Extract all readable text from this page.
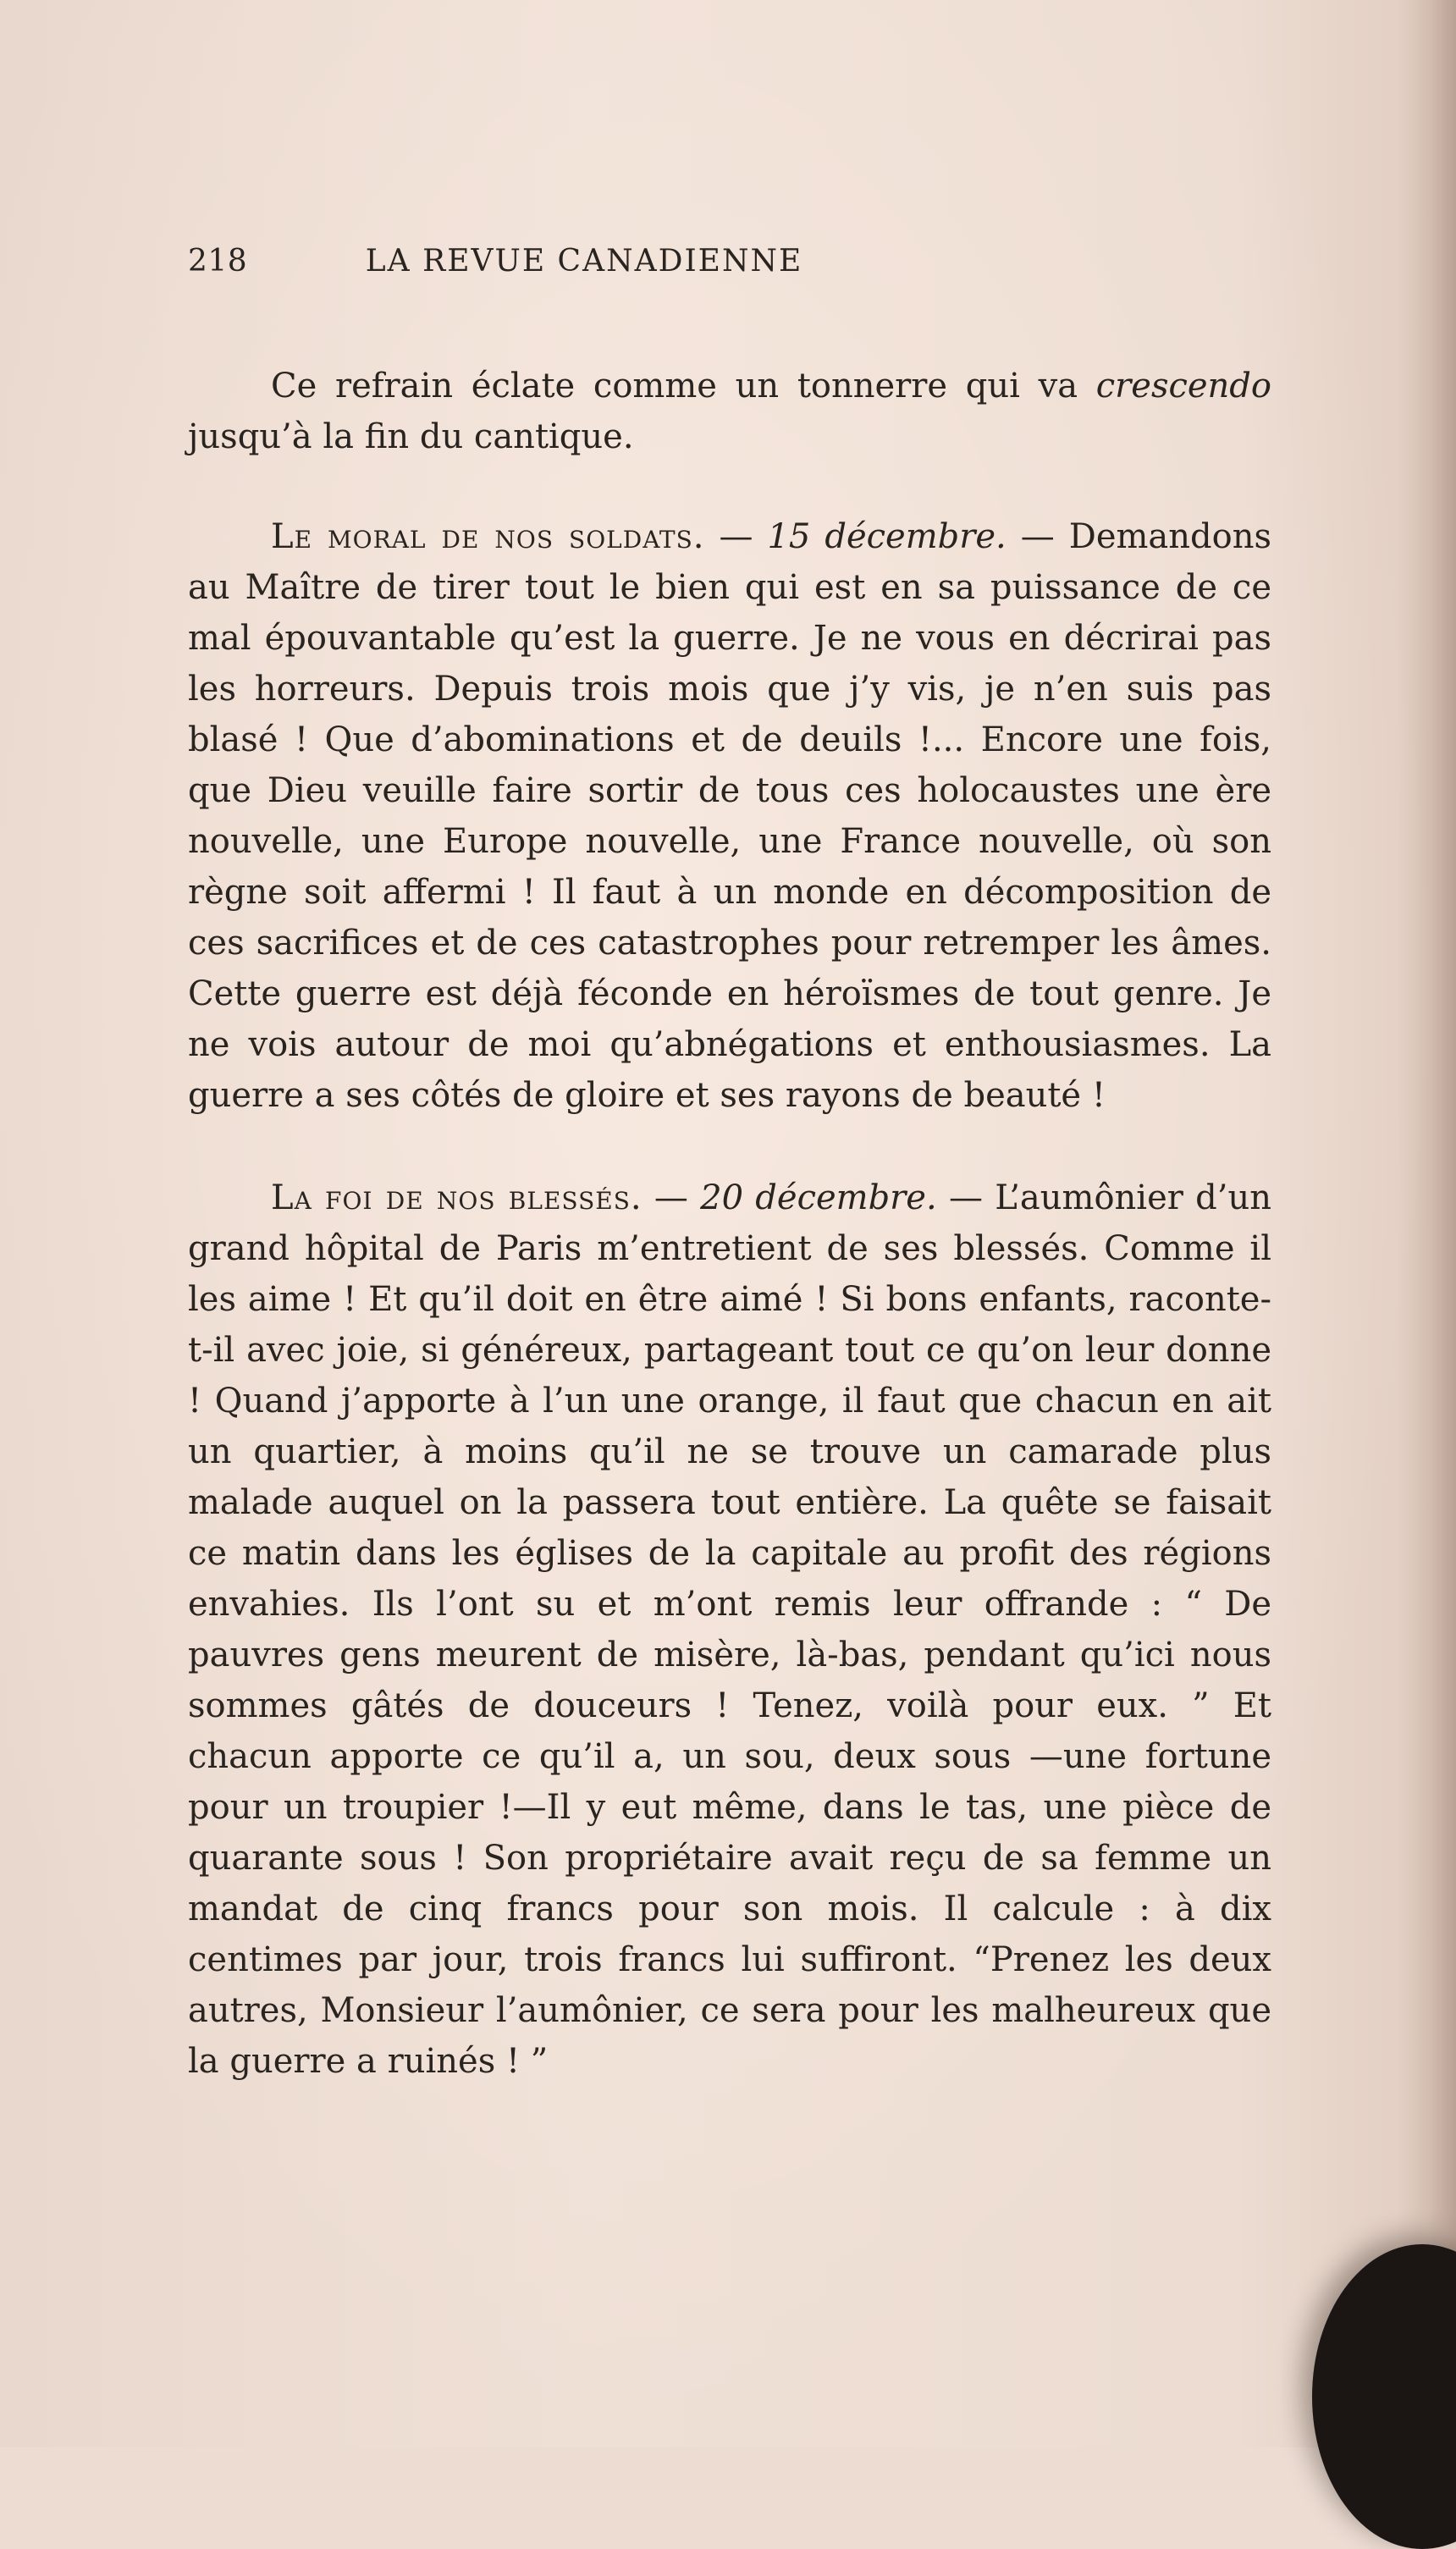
218	LA REVUE CANADIENNE

Ce refrain éclate comme un tonnerre qui va crescendo jusqu’à la fin du cantique.

Le moral de nos soldats. — 15 décembre. — Demandons au Maître de tirer tout le bien qui est en sa puissance de ce mal épouvantable qu’est la guerre. Je ne vous en décrirai pas les horreurs. Depuis trois mois que j’y vis, je n’en suis pas blasé ! Que d’abominations et de deuils !... Encore une fois, que Dieu veuille faire sortir de tous ces holocaustes une ère nouvelle, une Europe nouvelle, une France nouvelle, où son règne soit affermi ! Il faut à un monde en décomposition de ces sacrifices et de ces catastrophes pour retremper les âmes. Cette guerre est déjà féconde en héroïsmes de tout genre. Je ne vois autour de moi qu’abnégations et enthousiasmes. La guerre a ses côtés de gloire et ses rayons de beauté !

La foi de nos blessés. — 20 décembre. — L’aumônier d’un grand hôpital de Paris m’entretient de ses blessés. Comme il les aime ! Et qu’il doit en être aimé ! Si bons enfants, raconte-t-il avec joie, si généreux, partageant tout ce qu’on leur donne ! Quand j’apporte à l’un une orange, il faut que chacun en ait un quartier, à moins qu’il ne se trouve un camarade plus malade auquel on la passera tout entière. La quête se faisait ce matin dans les églises de la capitale au profit des régions envahies. Ils l’ont su et m’ont remis leur offrande : “ De pauvres gens meurent de misère, là-bas, pendant qu’ici nous sommes gâtés de douceurs ! Tenez, voilà pour eux. ” Et chacun apporte ce qu’il a, un sou, deux sous —une fortune pour un troupier !—Il y eut même, dans le tas, une pièce de quarante sous ! Son propriétaire avait reçu de sa femme un mandat de cinq francs pour son mois. Il calcule : à dix centimes par jour, trois francs lui suffiront. “Prenez les deux autres, Monsieur l’aumônier, ce sera pour les malheureux que la guerre a ruinés ! ”
